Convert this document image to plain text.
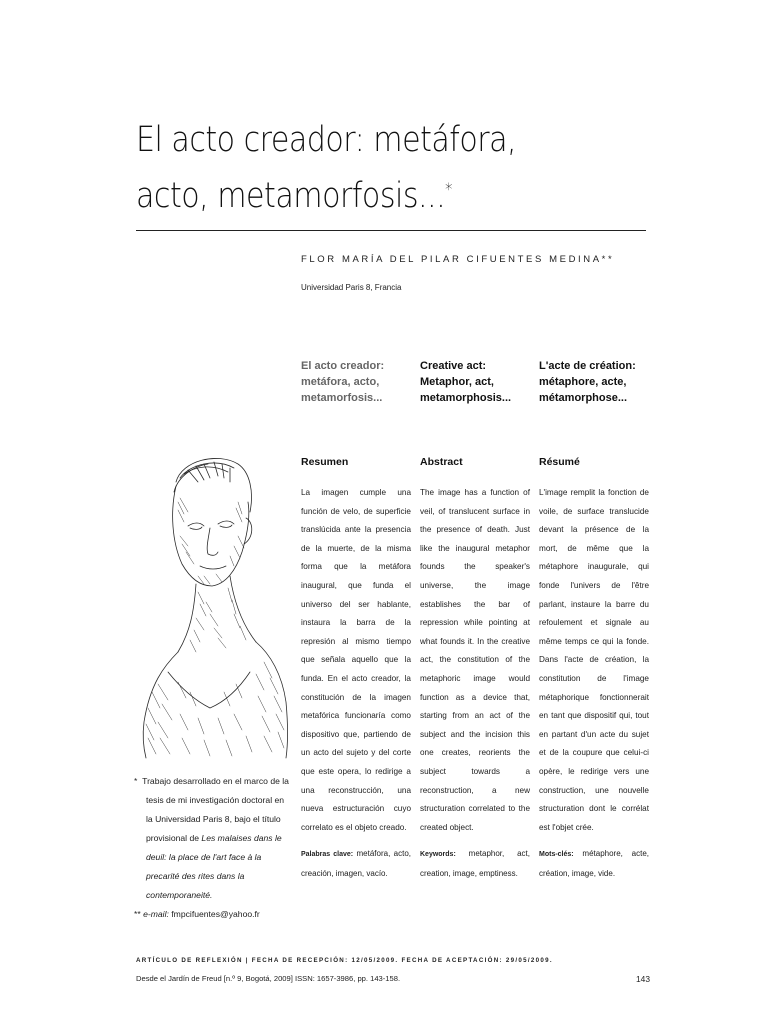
El acto creador: metáfora,
acto, metamorfosis...*
FLOR MARÍA DEL PILAR CIFUENTES MEDINA**
Universidad Paris 8, Francia
El acto creador: metáfora, acto, metamorfosis...
Creative act: Metaphor, act, metamorphosis...
L'acte de création: métaphore, acte, métamorphose...
Resumen	Abstract	Résumé

La imagen cumple una función de velo, de superficie translúcida ante la presencia de la muerte, de la misma forma que la metáfora inaugural, que funda el universo del ser hablante, instaura la barra de la represión al mismo tiempo que señala aquello que la funda. En el acto creador, la constitución de la imagen metafórica funcionaría como dispositivo que, partiendo de un acto del sujeto y del corte que este opera, lo redirige a una reconstrucción, una nueva estructuración cuyo correlato es el objeto creado.

Palabras clave: metáfora, acto, creación, imagen, vacío.

The image has a function of veil, of translucent surface in the presence of death. Just like the inaugural metaphor founds the speaker's universe, the image establishes the bar of repression while pointing at what founds it. In the creative act, the constitution of the metaphoric image would function as a device that, starting from an act of the subject and the incision this one creates, reorients the subject towards a reconstruction, a new structuration correlated to the created object.

Keywords: metaphor, act, creation, image, emptiness.

L'image remplit la fonction de voile, de surface translucide devant la présence de la mort, de même que la métaphore inaugurale, qui fonde l'univers de l'être parlant, instaure la barre du refoulement et signale au même temps ce qui la fonde. Dans l'acte de création, la constitution de l'image métaphorique fonctionnerait en tant que dispositif qui, tout en partant d'un acte du sujet et de la coupure que celui-ci opère, le redirige vers une construction, une nouvelle structuration dont le corrélat est l'objet crée.

Mots-clés: métaphore, acte, création, image, vide.

* Trabajo desarrollado en el marco de la tesis de mi investigación doctoral en la Universidad Paris 8, bajo el título provisional de Les malaises dans le deuil: la place de l'art face à la precarité des rites dans la contemporaneité.

** e-mail: fmpcifuentes@yahoo.fr

ARTÍCULO DE REFLEXIÓN | FECHA DE RECEPCIÓN: 12/05/2009. FECHA DE ACEPTACIÓN: 29/05/2009.
Desde el Jardín de Freud [n.º 9, Bogotá, 2009] ISSN: 1657-3986, pp. 143-158.	143
